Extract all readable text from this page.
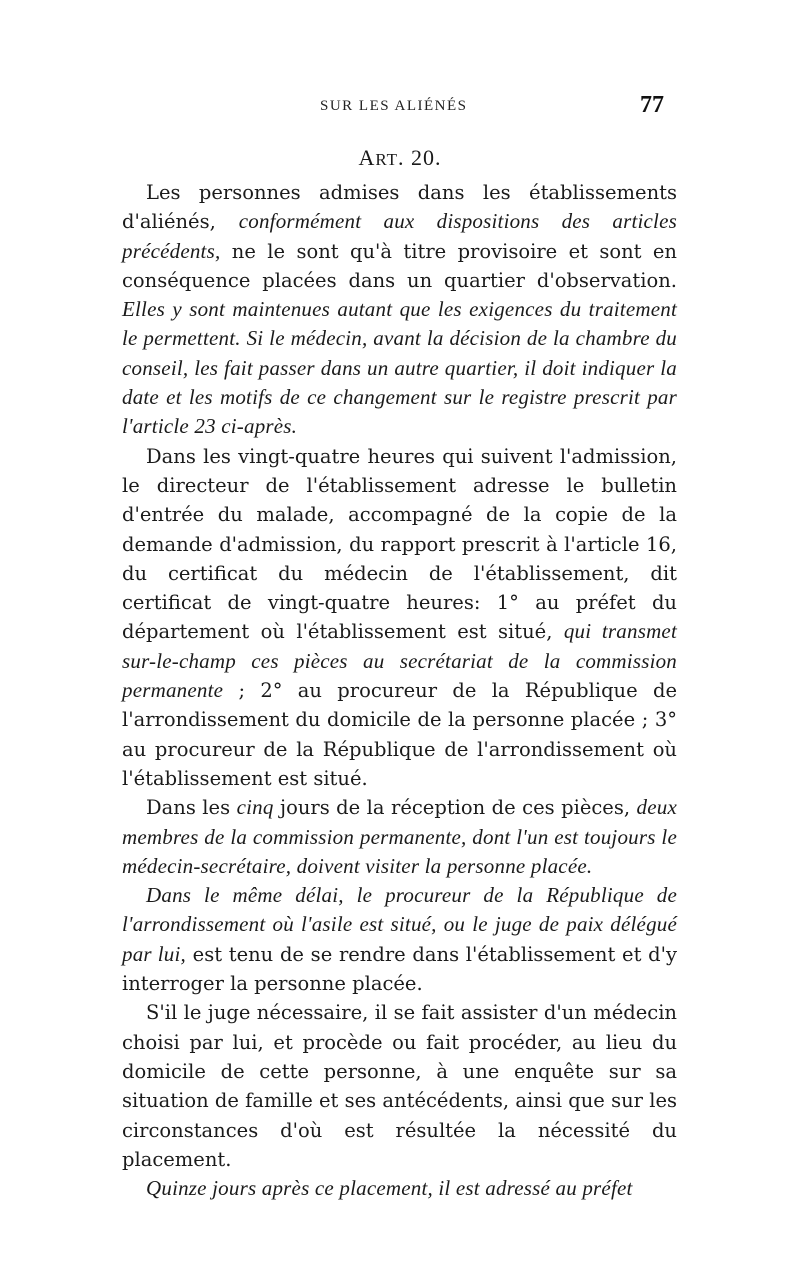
SUR LES ALIÉNÉS	77
ART. 20.

Les personnes admises dans les établissements d'aliénés, conformément aux dispositions des articles précédents, ne le sont qu'à titre provisoire et sont en conséquence placées dans un quartier d'observation. Elles y sont maintenues autant que les exigences du traitement le permettent. Si le médecin, avant la décision de la chambre du conseil, les fait passer dans un autre quartier, il doit indiquer la date et les motifs de ce changement sur le registre prescrit par l'article 23 ci-après.

Dans les vingt-quatre heures qui suivent l'admission, le directeur de l'établissement adresse le bulletin d'entrée du malade, accompagné de la copie de la demande d'admission, du rapport prescrit à l'article 16, du certificat du médecin de l'établissement, dit certificat de vingt-quatre heures: 1° au préfet du département où l'établissement est situé, qui transmet sur-le-champ ces pièces au secrétariat de la commission permanente ; 2° au procureur de la République de l'arrondissement du domicile de la personne placée ; 3° au procureur de la République de l'arrondissement où l'établissement est situé.

Dans les cinq jours de la réception de ces pièces, deux membres de la commission permanente, dont l'un est toujours le médecin-secrétaire, doivent visiter la personne placée.

Dans le même délai, le procureur de la République de l'arrondissement où l'asile est situé, ou le juge de paix délégué par lui, est tenu de se rendre dans l'établissement et d'y interroger la personne placée.

S'il le juge nécessaire, il se fait assister d'un médecin choisi par lui, et procède ou fait procéder, au lieu du domicile de cette personne, à une enquête sur sa situation de famille et ses antécédents, ainsi que sur les circonstances d'où est résultée la nécessité du placement.

Quinze jours après ce placement, il est adressé au préfet
